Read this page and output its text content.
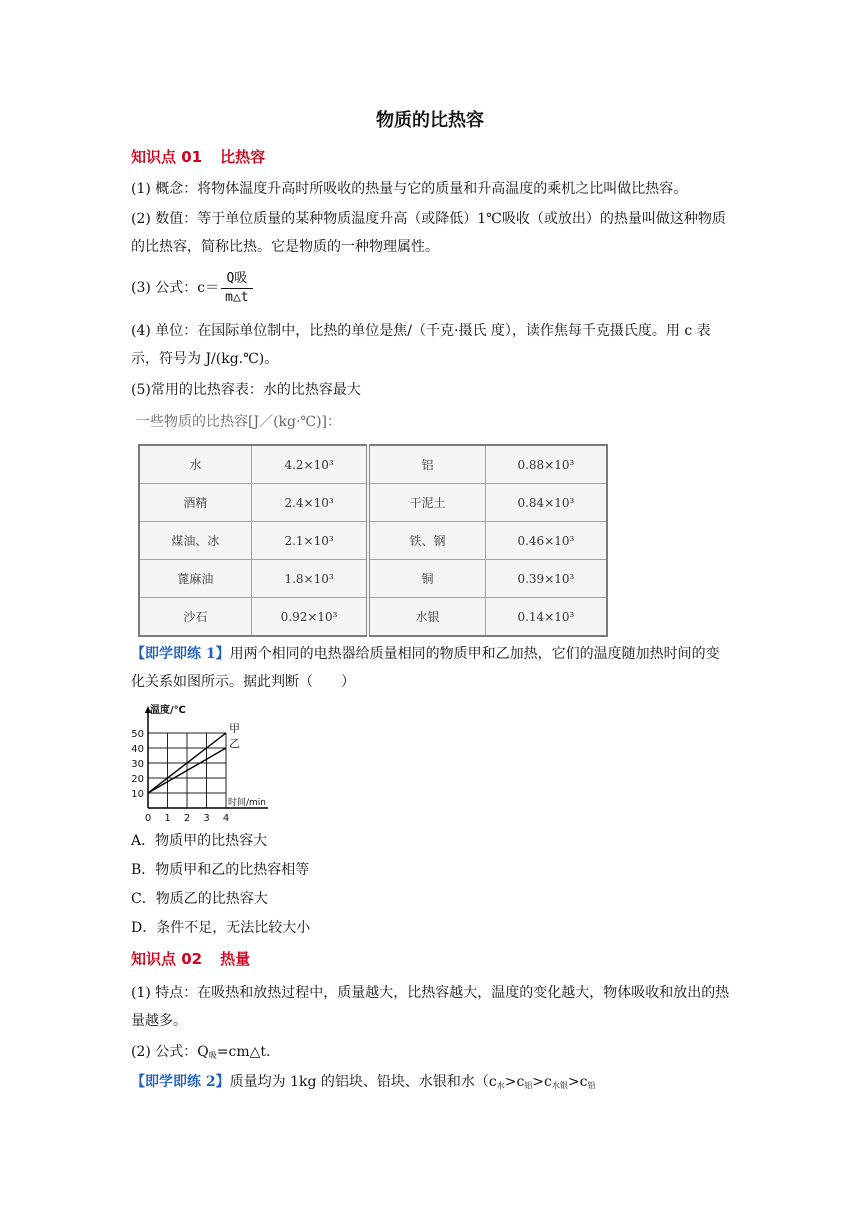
物质的比热容
知识点 01 比热容
(1) 概念：将物体温度升高时所吸收的热量与它的质量和升高温度的乘机之比叫做比热容。
(2) 数值：等于单位质量的某种物质温度升高（或降低）1℃吸收（或放出）的热量叫做这种物质的比热容，简称比热。它是物质的一种物理属性。
(3) 公式：$c= \frac{\text{Q吸}}{m\triangle t}$
(4) 单位：在国际单位制中，比热的单位是焦/（千克·摄氏 度），读作焦每千克摄氏度。用 c 表示，符号为 J/(kg.℃)。
(5)常用的比热容表：水的比热容最大
一些物质的比热容[J／(kg·℃)]：
水	4.2×10³	铝	0.88×10³
酒精	2.4×10³	干泥土	0.84×10³
煤油、冰	2.1×10³	铁、钢	0.46×10³
蓖麻油	1.8×10³	铜	0.39×10³
沙石	0.92×10³	水银	0.14×10³
【即学即练 1】用两个相同的电热器给质量相同的物质甲和乙加热，它们的温度随加热时间的变化关系如图所示。据此判断（　　）
10
20
30
40
50
0 1 2 3 4
温度/℃
时间/min
甲
乙
A．物质甲的比热容大
B．物质甲和乙的比热容相等
C．物质乙的比热容大
D．条件不足，无法比较大小
知识点 02 热量
(1) 特点：在吸热和放热过程中，质量越大，比热容越大，温度的变化越大，物体吸收和放出的热量越多。
(2) 公式：$Q_吸=cm\triangle t$.
【即学即练 2】质量均为 1kg 的铝块、铅块、水银和水（$c_水>c_铝>c_{水银}>c_铅$
